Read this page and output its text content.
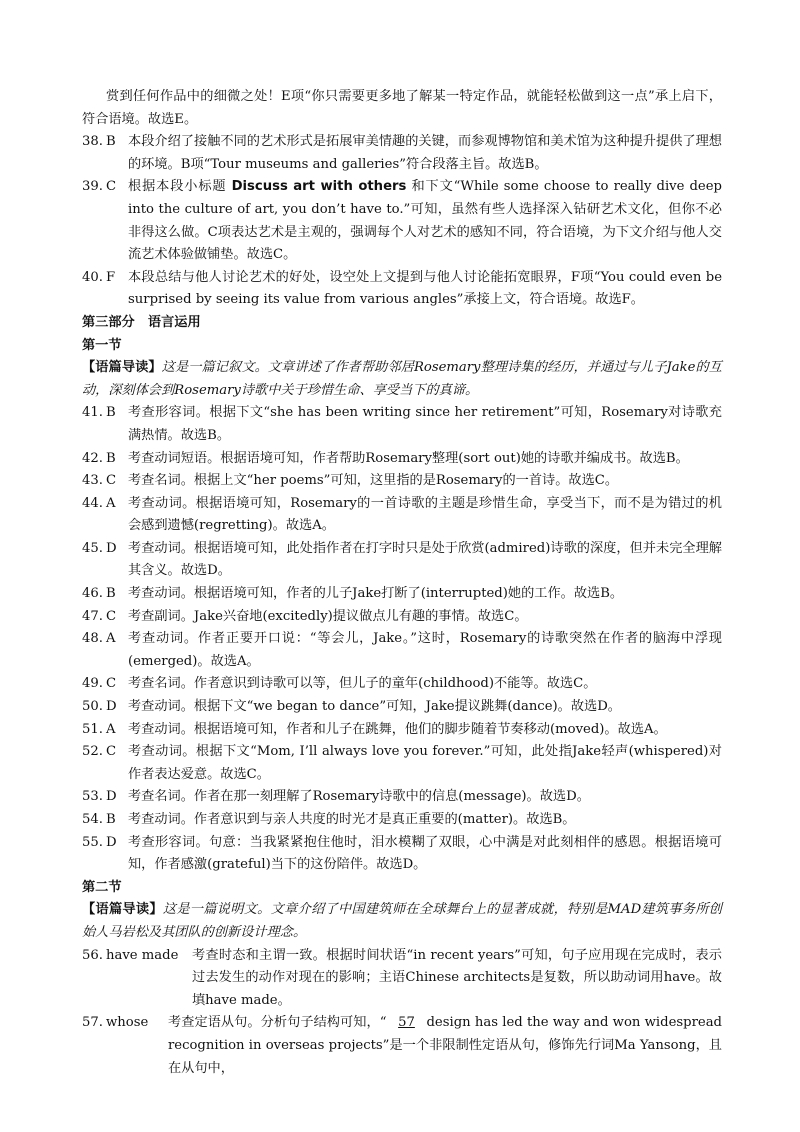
赏到任何作品中的细微之处！E项“你只需要更多地了解某一特定作品，就能轻松做到这一点”承上启下，符合语境。故选E。
38. B 本段介绍了接触不同的艺术形式是拓展审美情趣的关键，而参观博物馆和美术馆为这种提升提供了理想的环境。B项“Tour museums and galleries”符合段落主旨。故选B。
39. C 根据本段小标题 Discuss art with others 和下文“While some choose to really dive deep into the culture of art, you don’t have to.”可知，虽然有些人选择深入钻研艺术文化，但你不必非得这么做。C项表达艺术是主观的，强调每个人对艺术的感知不同，符合语境，为下文介绍与他人交流艺术体验做铺垫。故选C。
40. F 本段总结与他人讨论艺术的好处，设空处上文提到与他人讨论能拓宽眼界，F项“You could even be surprised by seeing its value from various angles”承接上文，符合语境。故选F。
第三部分　语言运用
第一节
【语篇导读】这是一篇记叙文。文章讲述了作者帮助邻居Rosemary整理诗集的经历，并通过与儿子Jake的互动，深刻体会到Rosemary诗歌中关于珍惜生命、享受当下的真谛。
41. B 考查形容词。根据下文“she has been writing since her retirement”可知，Rosemary对诗歌充满热情。故选B。
42. B 考查动词短语。根据语境可知，作者帮助Rosemary整理(sort out)她的诗歌并编成书。故选B。
43. C 考查名词。根据上文“her poems”可知，这里指的是Rosemary的一首诗。故选C。
44. A 考查动词。根据语境可知，Rosemary的一首诗歌的主题是珍惜生命，享受当下，而不是为错过的机会感到遗憾(regretting)。故选A。
45. D 考查动词。根据语境可知，此处指作者在打字时只是处于欣赏(admired)诗歌的深度，但并未完全理解其含义。故选D。
46. B 考查动词。根据语境可知，作者的儿子Jake打断了(interrupted)她的工作。故选B。
47. C 考查副词。Jake兴奋地(excitedly)提议做点儿有趣的事情。故选C。
48. A 考查动词。作者正要开口说：“等会儿，Jake。”这时，Rosemary的诗歌突然在作者的脑海中浮现(emerged)。故选A。
49. C 考查名词。作者意识到诗歌可以等，但儿子的童年(childhood)不能等。故选C。
50. D 考查动词。根据下文“we began to dance”可知，Jake提议跳舞(dance)。故选D。
51. A 考查动词。根据语境可知，作者和儿子在跳舞，他们的脚步随着节奏移动(moved)。故选A。
52. C 考查动词。根据下文“Mom, I’ll always love you forever.”可知，此处指Jake轻声(whispered)对作者表达爱意。故选C。
53. D 考查名词。作者在那一刻理解了Rosemary诗歌中的信息(message)。故选D。
54. B 考查动词。作者意识到与亲人共度的时光才是真正重要的(matter)。故选B。
55. D 考查形容词。句意：当我紧紧抱住他时，泪水模糊了双眼，心中满是对此刻相伴的感恩。根据语境可知，作者感激(grateful)当下的这份陪伴。故选D。
第二节
【语篇导读】这是一篇说明文。文章介绍了中国建筑师在全球舞台上的显著成就，特别是MAD建筑事务所创始人马岩松及其团队的创新设计理念。
56. have made	考查时态和主谓一致。根据时间状语“in recent years”可知，句子应用现在完成时，表示过去发生的动作对现在的影响；主语Chinese architects是复数，所以助动词用have。故填have made。
57. whose	考查定语从句。分析句子结构可知，“ 57 design has led the way and won widespread recognition in overseas projects”是一个非限制性定语从句，修饰先行词Ma Yansong，且在从句中，
